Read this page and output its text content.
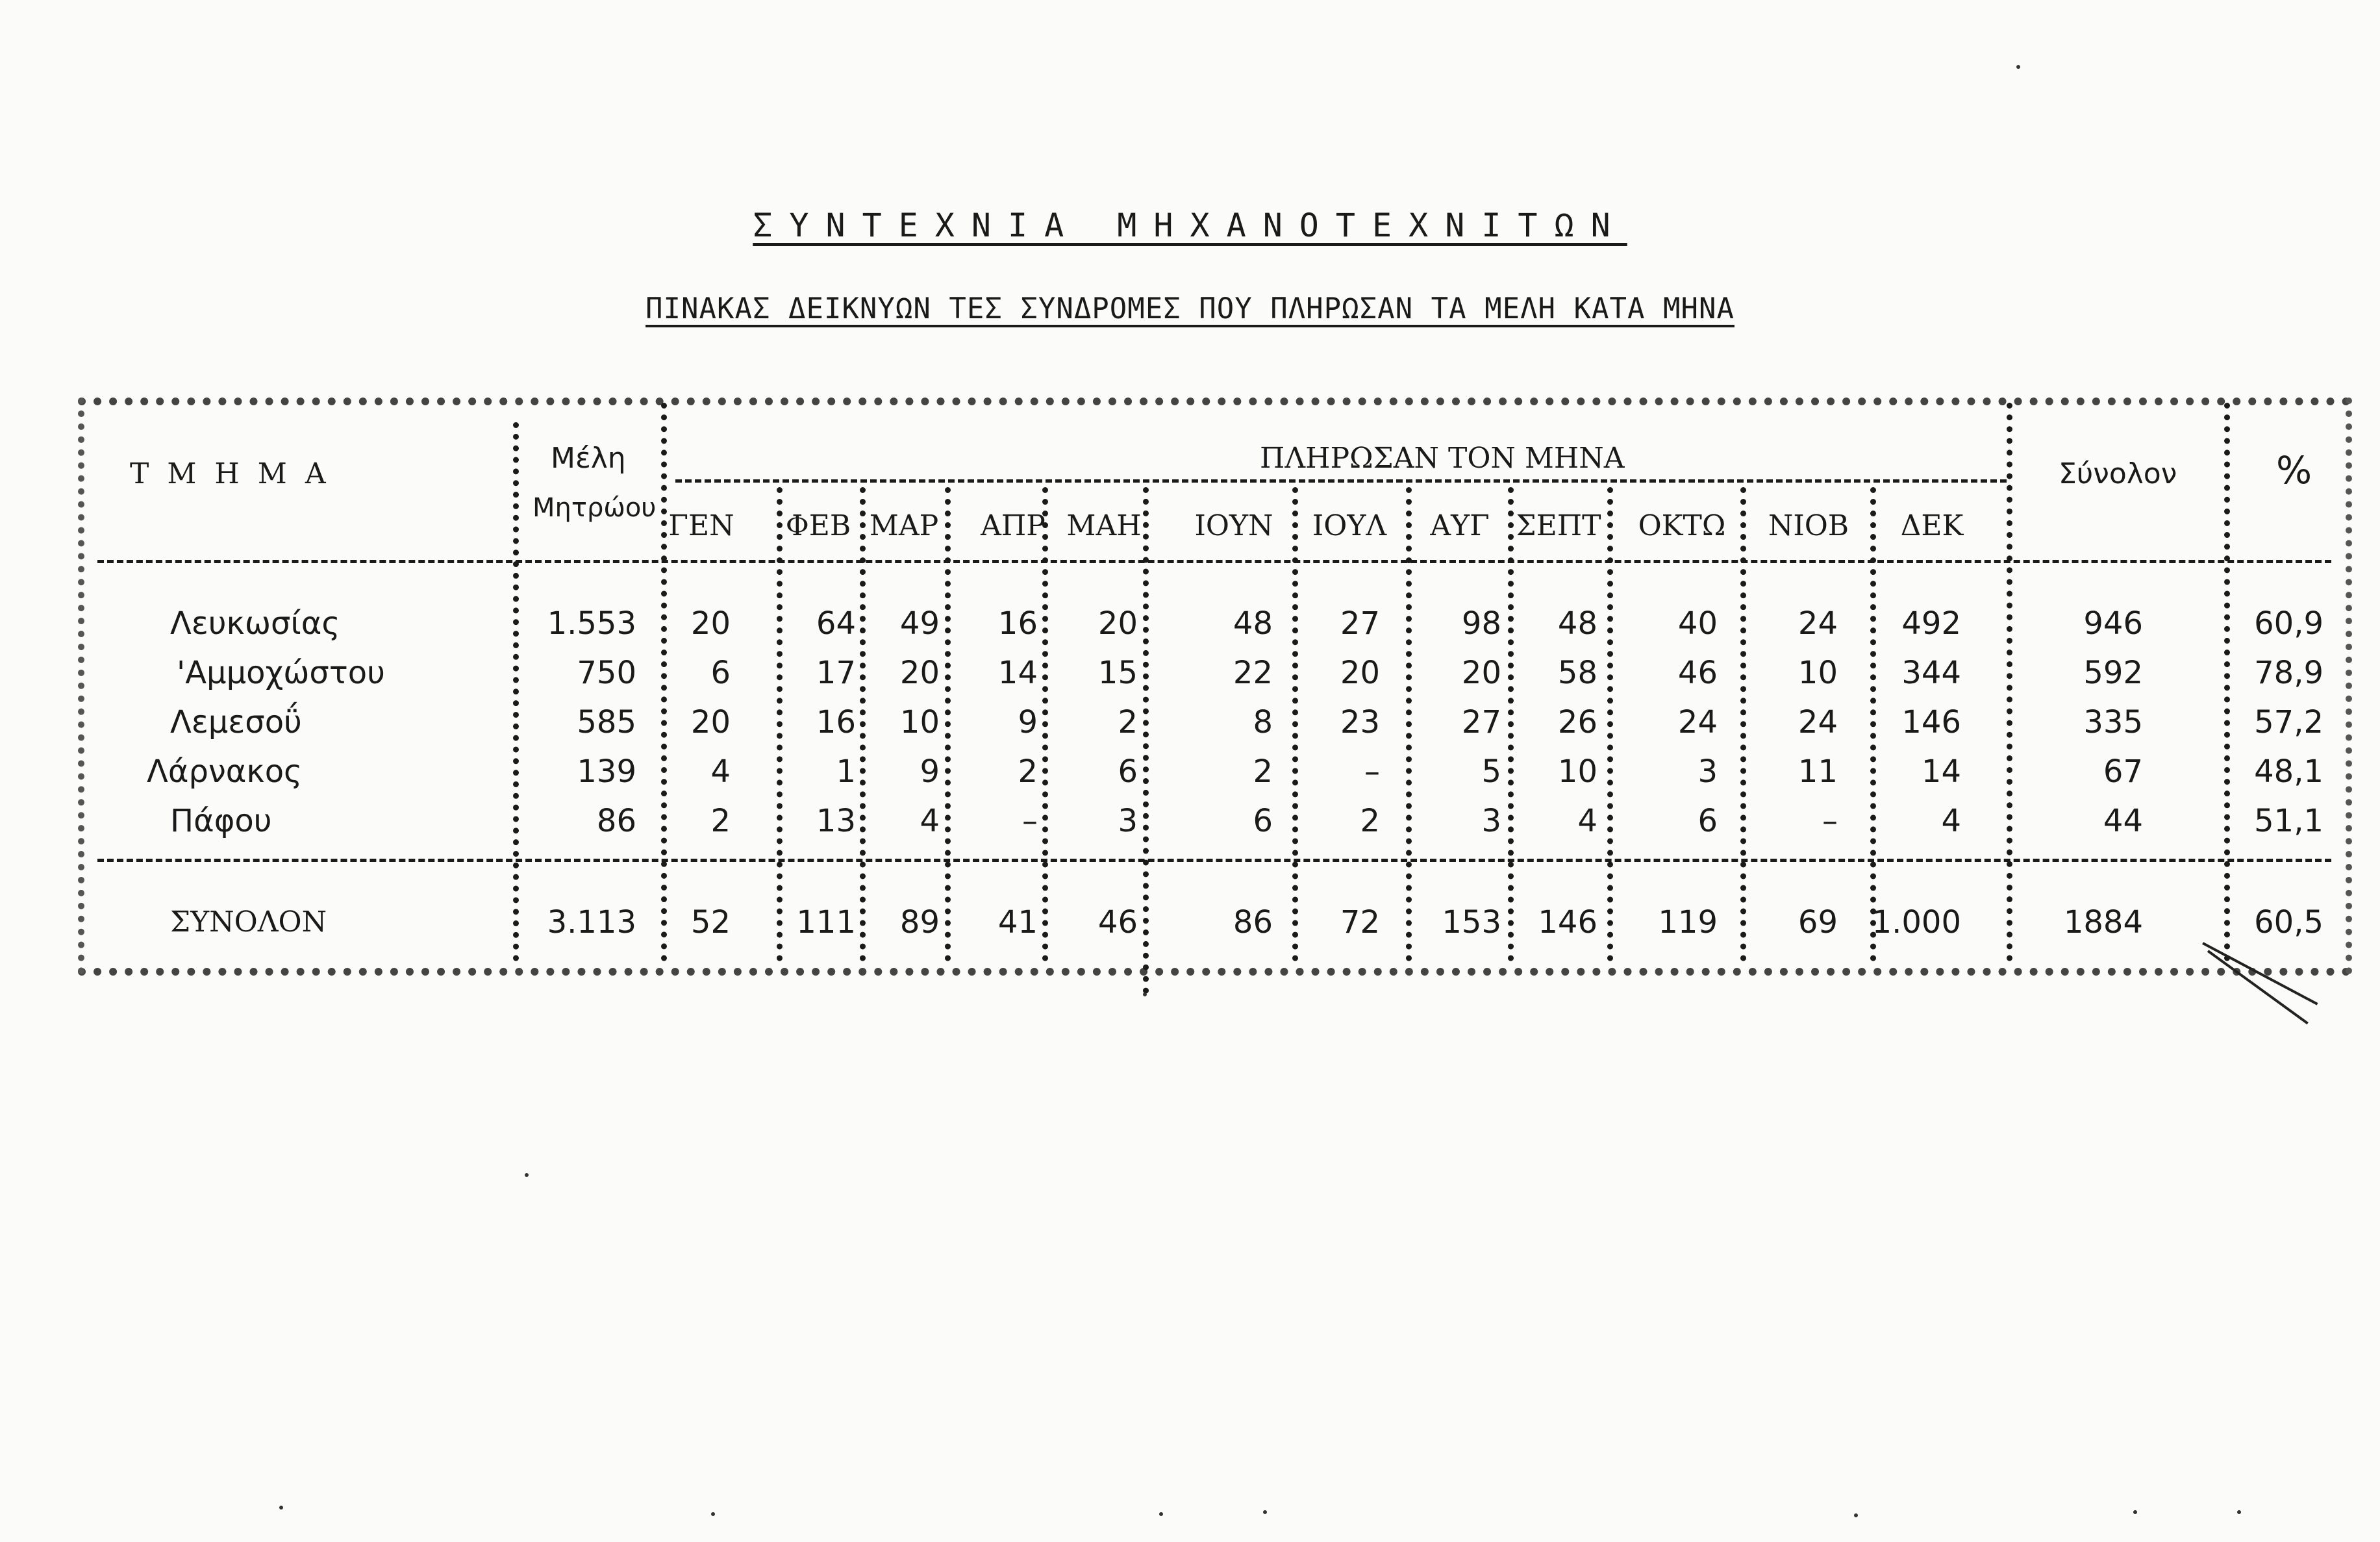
ΣΥΝΤΕΧΝΙΑ ΜΗΧΑΝΟΤΕΧΝΙΤΩΝ
ΠΙΝΑΚΑΣ ΔΕΙΚΝΥΩΝ ΤΕΣ ΣΥΝΔΡΟΜΕΣ ΠΟΥ ΠΛΗΡΩΣΑΝ ΤΑ ΜΕΛΗ ΚΑΤΑ ΜΗΝΑ
ΤΜΗΜΑ	Μέλη
Μητρώου
ΠΛΗΡΩΣΑΝ ΤΟΝ ΜΗΝΑ	Σύνολον	%
ΓΕΝ	ΦΕΒ ΜΑΡ	ΑΠΡ ΜΑΗ	ΙΟΥΝ	ΙΟΥΛ	ΑΥΓ ΣΕΠΤ	ΟΚΤΩ	ΝΙΟΒ	ΔΕΚ
Λευκωσίας	1.553	20	64	49	16	20	48	27	98	48	40	24	492	946	60,9
'Αμμοχώστου	750	6	17	20	14	15	22	20	20	58	46	10	344	592	78,9
Λεμεσοΰ	585	20	16	10	9	2	8	23	27	26	24	24	146	335	57,2
Λάρνακος	139	4	1	9	2	6	2	–	5	10	3	11	14	67	48,1
Πάφου	86	2	13	4	–	3	6	2	3	4	6	–	4	44	51,1
ΣΥΝΟΛΟΝ	3.113	52	111	89	41	46	86	72	153	146	119	69	1.000	1884	60,5
